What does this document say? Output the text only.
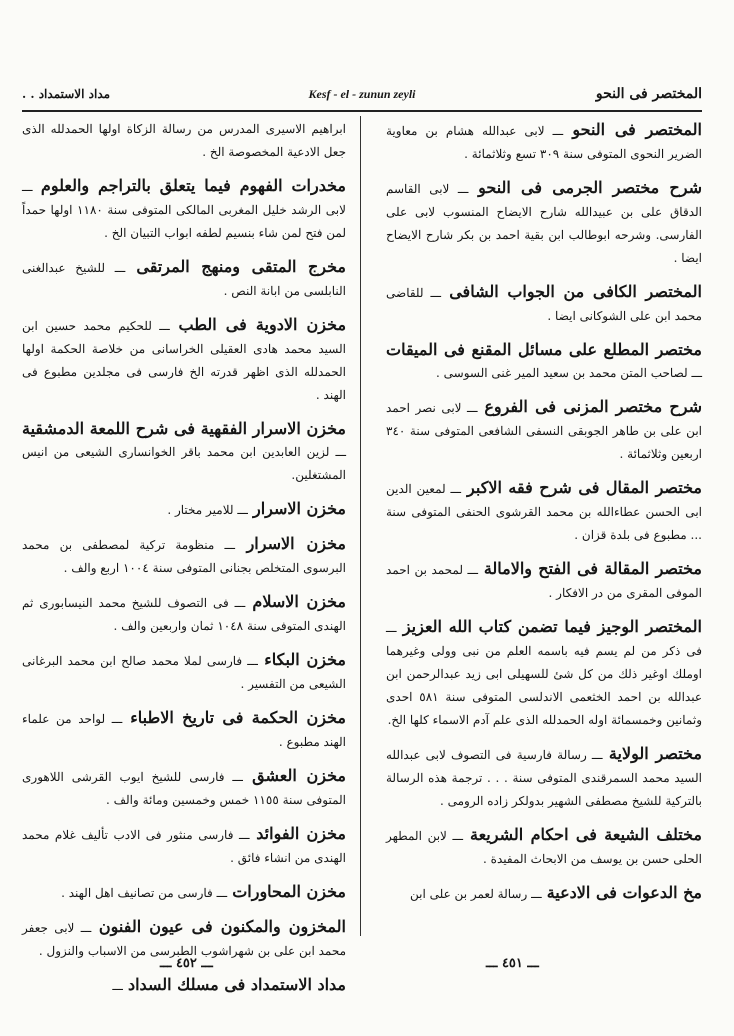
المختصر فى النحو
Kesf - el - zunun zeyli
مداد الاستمداد . .
المختصر فى النحو ـــ لابى عبدالله هشام بن معاوية الضرير النحوى المتوفى سنة ٣٠٩ تسع وثلاثمائة .
شرح مختصر الجرمى فى النحو ـــ لابى القاسم الدقاق على بن عبيدالله شارح الايضاح المنسوب لابى على الفارسى. وشرحه ابوطالب ابن بقية احمد بن بكر شارح الايضاح ايضا .
المختصر الكافى من الجواب الشافى ـــ للقاضى محمد ابن على الشوكانى ايضا .
مختصر المطلع على مسائل المقنع فى الميقات ـــ لصاحب المتن محمد بن سعيد المير غنى السوسى .
شرح مختصر المزنى فى الفروع ـــ لابى نصر احمد ابن على بن طاهر الجوبقى النسفى الشافعى المتوفى سنة ٣٤٠ اربعين وثلاثمائة .
مختصر المقال فى شرح فقه الاكبر ـــ لمعين الدين ابى الحسن عطاءالله بن محمد القرشوى الحنفى المتوفى سنة ... مطبوع فى بلدة قزان .
مختصر المقالة فى الفتح والامالة ـــ لمحمد بن احمد الموفى المقرى من در الافكار .
المختصر الوجيز فيما تضمن كتاب الله العزيز ـــ فى ذكر من لم يسم فيه باسمه العلم من نبى وولى وغيرهما اوملك اوغير ذلك من كل شئ للسهيلى ابى زيد عبدالرحمن ابن عبدالله بن احمد الخثعمى الاندلسى المتوفى سنة ٥٨١ احدى وثمانين وخمسمائة اوله الحمدلله الذى علم آدم الاسماء كلها الخ.
مختصر الولاية ـــ رسالة فارسية فى التصوف لابى عبدالله السيد محمد السمرقندى المتوفى سنة . . . ترجمة هذه الرسالة بالتركية للشيخ مصطفى الشهير بدولكر زاده الرومى .
مختلف الشيعة فى احكام الشريعة ـــ لابن المطهر الحلى حسن بن يوسف من الابحاث المفيدة .
مخ الدعوات فى الادعية ـــ رسالة لعمر بن على ابن
ابراهيم الاسيرى المدرس من رسالة الزكاة اولها الحمدلله الذى جعل الادعية المخصوصة الخ .
مخدرات الفهوم فيما يتعلق بالتراجم والعلوم ـــ لابى الرشد خليل المغربى المالكى المتوفى سنة ١١٨٠ اولها حمداً لمن فتح لمن شاء بنسيم لطفه ابواب التبيان الخ .
مخرج المتقى ومنهج المرتقى ـــ للشيخ عبدالغنى النابلسى من ابانة النص .
مخزن الادوية فى الطب ـــ للحكيم محمد حسين ابن السيد محمد هادى العقيلى الخراسانى من خلاصة الحكمة اولها الحمدلله الذى اظهر قدرته الخ فارسى فى مجلدين مطبوع فى الهند .
مخزن الاسرار الفقهية فى شرح اللمعة الدمشقية ـــ لزين العابدين ابن محمد باقر الخوانسارى الشيعى من انيس المشتغلين.
مخزن الاسرار ـــ للامير مختار .
مخزن الاسرار ـــ منظومة تركية لمصطفى بن محمد البرسوى المتخلص بجنانى المتوفى سنة ١٠٠٤ اربع والف .
مخزن الاسلام ـــ فى التصوف للشيخ محمد النيسابورى ثم الهندى المتوفى سنة ١٠٤٨ ثمان واربعين والف .
مخزن البكاء ـــ فارسى لملا محمد صالح ابن محمد البرغانى الشيعى من التفسير .
مخزن الحكمة فى تاريخ الاطباء ـــ لواحد من علماء الهند مطبوع .
مخزن العشق ـــ فارسى للشيخ ايوب القرشى اللاهورى المتوفى سنة ١١٥٥ خمس وخمسين ومائة والف .
مخزن الفوائد ـــ فارسى منثور فى الادب تأليف غلام محمد الهندى من انشاء فائق .
مخزن المحاورات ـــ فارسى من تصانيف اهل الهند .
المخزون والمكنون فى عيون الفنون ـــ لابى جعفر محمد ابن على بن شهراشوب الطبرسى من الاسباب والنزول .
مداد الاستمداد فى مسلك السداد ـــ
ـــ ٤٥١ ـــ
ـــ ٤٥٢ ـــ
